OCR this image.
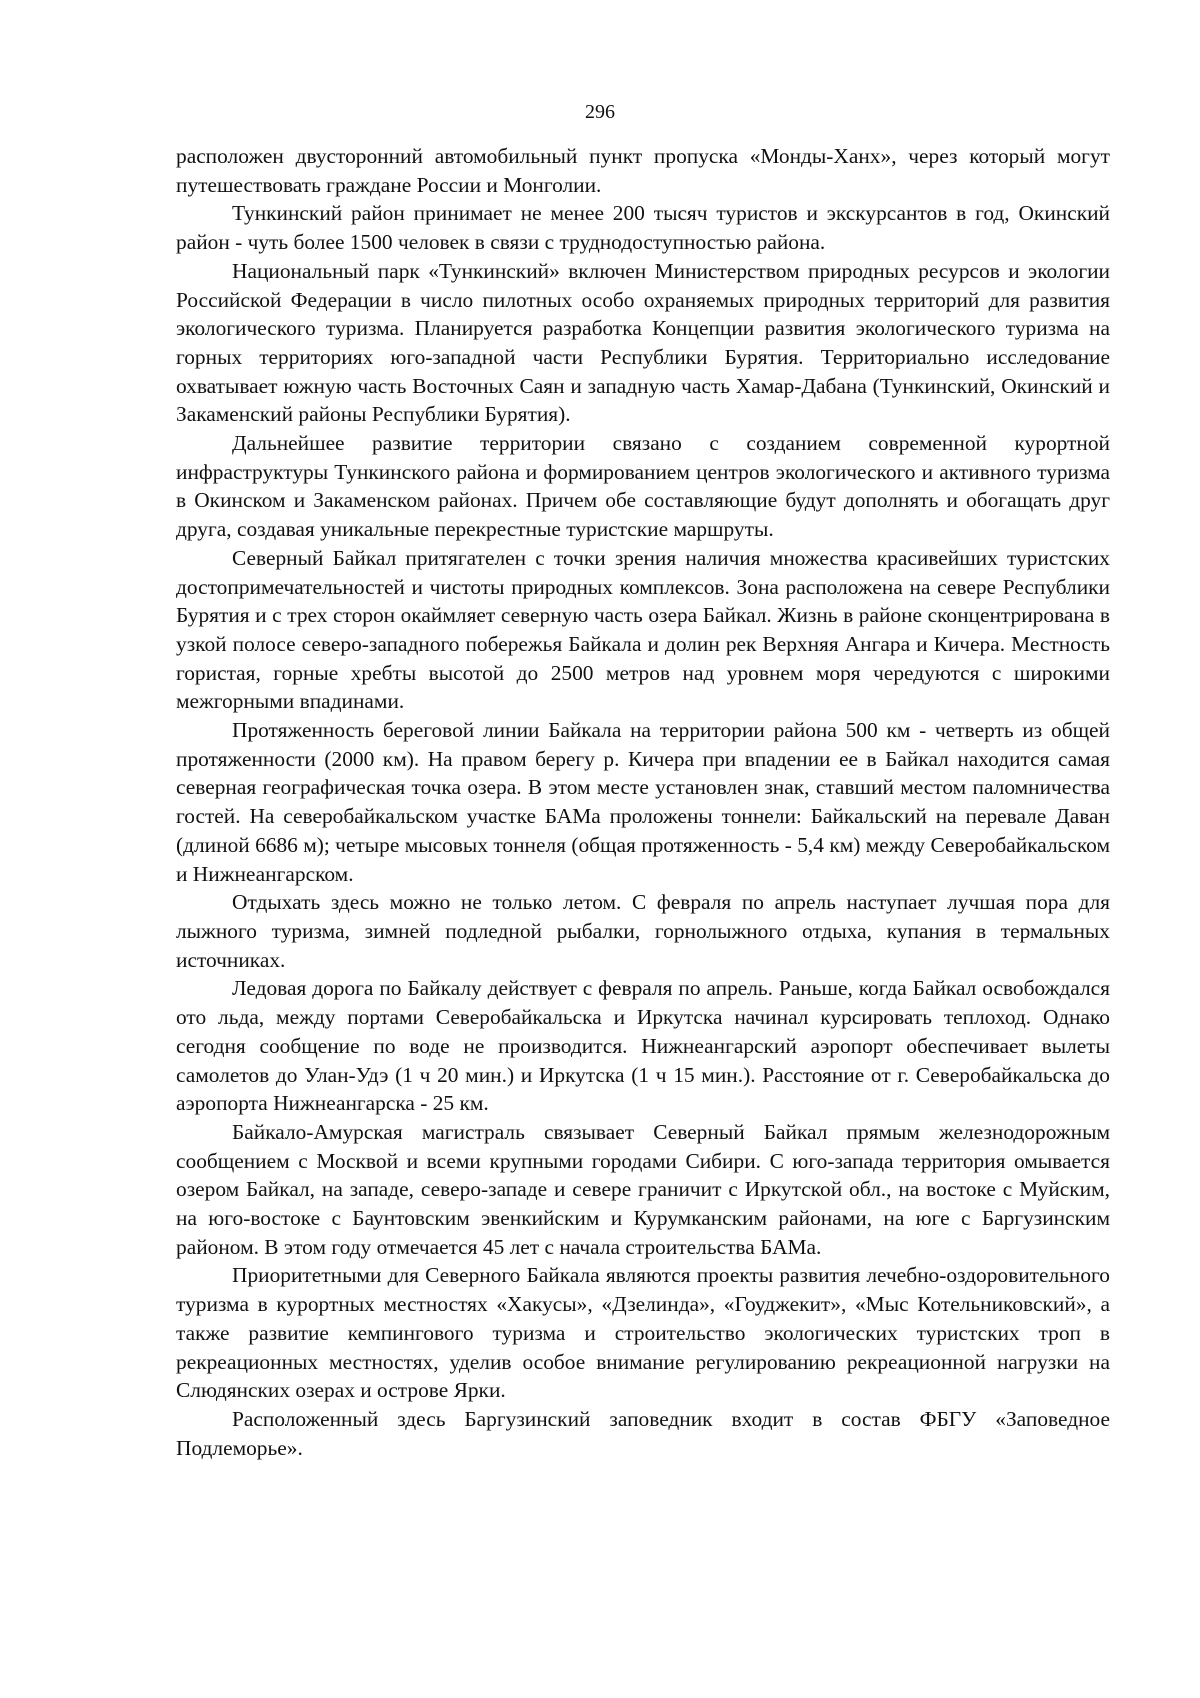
296

расположен двусторонний автомобильный пункт пропуска «Монды-Ханх», через который могут путешествовать граждане России и Монголии.

Тункинский район принимает не менее 200 тысяч туристов и экскурсантов в год, Окинский район - чуть более 1500 человек в связи с труднодоступностью района.

Национальный парк «Тункинский» включен Министерством природных ресурсов и экологии Российской Федерации в число пилотных особо охраняемых природных территорий для развития экологического туризма. Планируется разработка Концепции развития экологического туризма на горных территориях юго-западной части Республики Бурятия. Территориально исследование охватывает южную часть Восточных Саян и западную часть Хамар-Дабана (Тункинский, Окинский и Закаменский районы Республики Бурятия).

Дальнейшее развитие территории связано с созданием современной курортной инфраструктуры Тункинского района и формированием центров экологического и активного туризма в Окинском и Закаменском районах. Причем обе составляющие будут дополнять и обогащать друг друга, создавая уникальные перекрестные туристские маршруты.

Северный Байкал притягателен с точки зрения наличия множества красивейших туристских достопримечательностей и чистоты природных комплексов. Зона расположена на севере Республики Бурятия и с трех сторон окаймляет северную часть озера Байкал. Жизнь в районе сконцентрирована в узкой полосе северо-западного побережья Байкала и долин рек Верхняя Ангара и Кичера. Местность гористая, горные хребты высотой до 2500 метров над уровнем моря чередуются с широкими межгорными впадинами.

Протяженность береговой линии Байкала на территории района 500 км - четверть из общей протяженности (2000 км). На правом берегу р. Кичера при впадении ее в Байкал находится самая северная географическая точка озера. В этом месте установлен знак, ставший местом паломничества гостей. На северобайкальском участке БАМа проложены тоннели: Байкальский на перевале Даван (длиной 6686 м); четыре мысовых тоннеля (общая протяженность - 5,4 км) между Северобайкальском и Нижнеангарском.

Отдыхать здесь можно не только летом. С февраля по апрель наступает лучшая пора для лыжного туризма, зимней подледной рыбалки, горнолыжного отдыха, купания в термальных источниках.

Ледовая дорога по Байкалу действует с февраля по апрель. Раньше, когда Байкал освобождался ото льда, между портами Северобайкальска и Иркутска начинал курсировать теплоход. Однако сегодня сообщение по воде не производится. Нижнеангарский аэропорт обеспечивает вылеты самолетов до Улан-Удэ (1 ч 20 мин.) и Иркутска (1 ч 15 мин.). Расстояние от г. Северобайкальска до аэропорта Нижнеангарска - 25 км.

Байкало-Амурская магистраль связывает Северный Байкал прямым железнодорожным сообщением с Москвой и всеми крупными городами Сибири. С юго-запада территория омывается озером Байкал, на западе, северо-западе и севере граничит с Иркутской обл., на востоке с Муйским, на юго-востоке с Баунтовским эвенкийским и Курумканским районами, на юге с Баргузинским районом. В этом году отмечается 45 лет с начала строительства БАМа.

Приоритетными для Северного Байкала являются проекты развития лечебно-оздоровительного туризма в курортных местностях «Хакусы», «Дзелинда», «Гоуджекит», «Мыс Котельниковский», а также развитие кемпингового туризма и строительство экологических туристских троп в рекреационных местностях, уделив особое внимание регулированию рекреационной нагрузки на Слюдянских озерах и острове Ярки.

Расположенный здесь Баргузинский заповедник входит в состав ФБГУ «Заповедное Подлеморье».
